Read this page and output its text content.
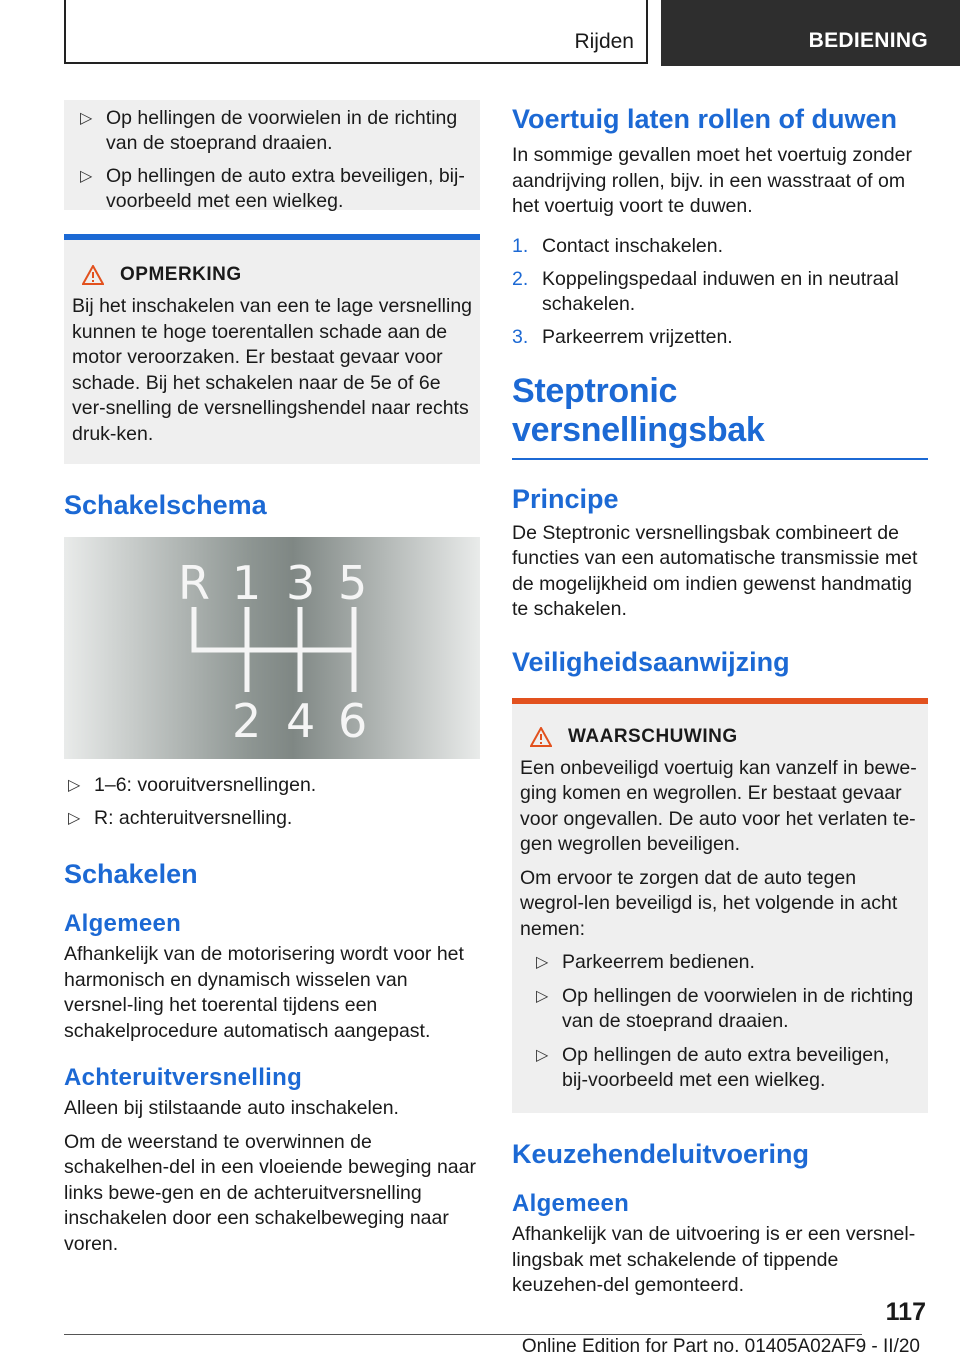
Rijden	BEDIENING
▷ Op hellingen de voorwielen in de richting van de stoeprand draaien.
▷ Op hellingen de auto extra beveiligen, bij-voorbeeld met een wielkeg.
OPMERKING

Bij het inschakelen van een te lage versnelling kunnen te hoge toerentallen schade aan de motor veroorzaken. Er bestaat gevaar voor schade. Bij het schakelen naar de 5e of 6e ver-snelling de versnellingshendel naar rechts druk-ken.

Schakelschema
R 1 3 5
2 4 6
▷ 1–6: vooruitversnellingen.
▷ R: achteruitversnelling.
Schakelen
Algemeen

Afhankelijk van de motorisering wordt voor het harmonisch en dynamisch wisselen van versnel-ling het toerental tijdens een schakelprocedure automatisch aangepast.

Achteruitversnelling

Alleen bij stilstaande auto inschakelen.

Om de weerstand te overwinnen de schakelhen-del in een vloeiende beweging naar links bewe-gen en de achteruitversnelling inschakelen door een schakelbeweging naar voren.

Voertuig laten rollen of duwen

In sommige gevallen moet het voertuig zonder aandrijving rollen, bijv. in een wasstraat of om het voertuig voort te duwen.

1. Contact inschakelen.
2. Koppelingspedaal induwen en in neutraal schakelen.
3. Parkeerrem vrijzetten.
Steptronic versnellingsbak
Principe

De Steptronic versnellingsbak combineert de functies van een automatische transmissie met de mogelijkheid om indien gewenst handmatig te schakelen.

Veiligheidsaanwijzing
WAARSCHUWING

Een onbeveiligd voertuig kan vanzelf in bewe-ging komen en wegrollen. Er bestaat gevaar voor ongevallen. De auto voor het verlaten te-gen wegrollen beveiligen.

Om ervoor te zorgen dat de auto tegen wegrol-len beveiligd is, het volgende in acht nemen:

▷ Parkeerrem bedienen.
▷ Op hellingen de voorwielen in de richting van de stoeprand draaien.
▷ Op hellingen de auto extra beveiligen, bij-voorbeeld met een wielkeg.
Keuzehendeluitvoering
Algemeen

Afhankelijk van de uitvoering is er een versnel-lingsbak met schakelende of tippende keuzehen-del gemonteerd.

117
Online Edition for Part no. 01405A02AF9 - II/20
